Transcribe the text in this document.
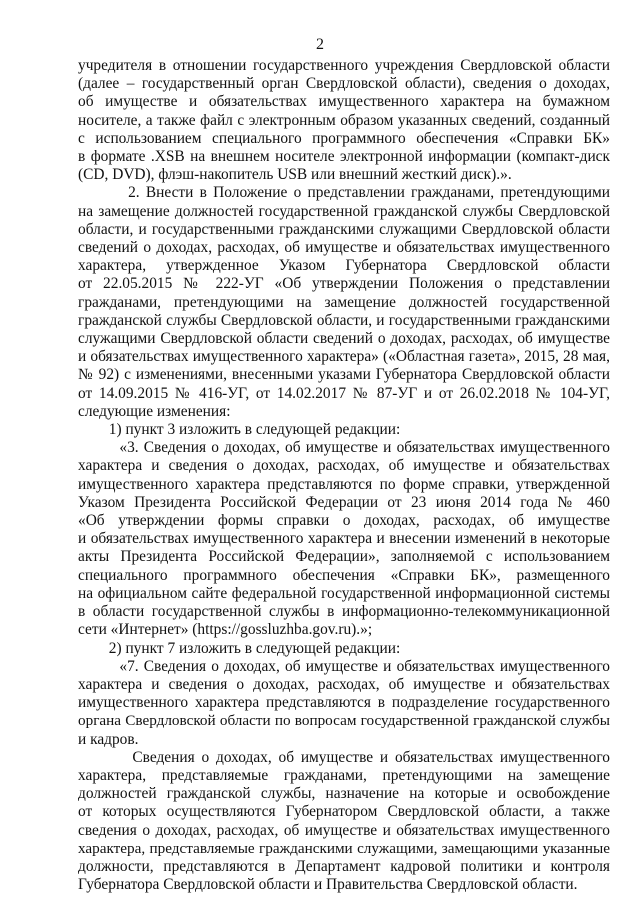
2
учредителя в отношении государственного учреждения Свердловской области
(далее – государственный орган Свердловской области), сведения о доходах,
об имуществе и обязательствах имущественного характера на бумажном
носителе, а также файл с электронным образом указанных сведений, созданный
с использованием специального программного обеспечения «Справки БК»
в формате .XSB на внешнем носителе электронной информации (компакт-диск
(CD, DVD), флэш-накопитель USB или внешний жесткий диск).».
2. Внести в Положение о представлении гражданами, претендующими
на замещение должностей государственной гражданской службы Свердловской
области, и государственными гражданскими служащими Свердловской области
сведений о доходах, расходах, об имуществе и обязательствах имущественного
характера, утвержденное Указом Губернатора Свердловской области
от 22.05.2015 № 222-УГ «Об утверждении Положения о представлении
гражданами, претендующими на замещение должностей государственной
гражданской службы Свердловской области, и государственными гражданскими
служащими Свердловской области сведений о доходах, расходах, об имуществе
и обязательствах имущественного характера» («Областная газета», 2015, 28 мая,
№ 92) с изменениями, внесенными указами Губернатора Свердловской области
от 14.09.2015 № 416-УГ, от 14.02.2017 № 87-УГ и от 26.02.2018 № 104-УГ,
следующие изменения:
1) пункт 3 изложить в следующей редакции:
«3. Сведения о доходах, об имуществе и обязательствах имущественного
характера и сведения о доходах, расходах, об имуществе и обязательствах
имущественного характера представляются по форме справки, утвержденной
Указом Президента Российской Федерации от 23 июня 2014 года № 460
«Об утверждении формы справки о доходах, расходах, об имуществе
и обязательствах имущественного характера и внесении изменений в некоторые
акты Президента Российской Федерации», заполняемой с использованием
специального программного обеспечения «Справки БК», размещенного
на официальном сайте федеральной государственной информационной системы
в области государственной службы в информационно-телекоммуникационной
сети «Интернет» (https://gossluzhba.gov.ru).»;
2) пункт 7 изложить в следующей редакции:
«7. Сведения о доходах, об имуществе и обязательствах имущественного
характера и сведения о доходах, расходах, об имуществе и обязательствах
имущественного характера представляются в подразделение государственного
органа Свердловской области по вопросам государственной гражданской службы
и кадров.
Сведения о доходах, об имуществе и обязательствах имущественного
характера, представляемые гражданами, претендующими на замещение
должностей гражданской службы, назначение на которые и освобождение
от которых осуществляются Губернатором Свердловской области, а также
сведения о доходах, расходах, об имуществе и обязательствах имущественного
характера, представляемые гражданскими служащими, замещающими указанные
должности, представляются в Департамент кадровой политики и контроля
Губернатора Свердловской области и Правительства Свердловской области.
